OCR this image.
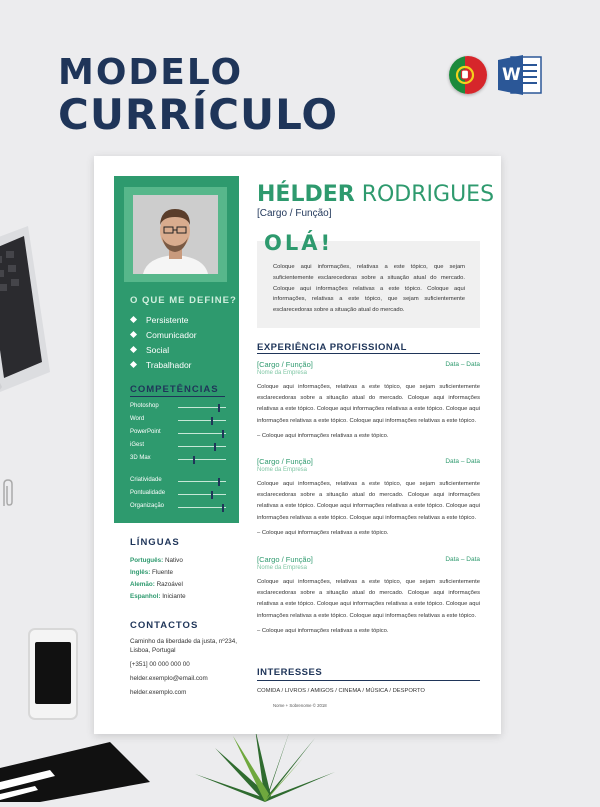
MODELO
CURRÍCULO
W
O QUE ME DEFINE?
Persistente
Comunicador
Social
Trabalhador
COMPETÊNCIAS
Photoshop
Word
PowerPoint
iGest
3D Max
Criatividade
Pontualidade
Organização
LÍNGUAS
Português: Nativo
Inglês: Fluente
Alemão: Razoável
Espanhol: Iniciante
CONTACTOS
Caminho da liberdade da justa, nº234, Lisboa, Portugal
[+351] 00 000 000 00
helder.exemplo@email.com
helder.exemplo.com
HÉLDER RODRIGUES
[Cargo / Função]
OLÁ!
Coloque aqui informações, relativas a este tópico, que sejam suficientemente esclarecedoras sobre a situação atual do mercado. Coloque aqui informações relativas a este tópico. Coloque aqui informações, relativas a este tópico, que sejam suficientemente esclarecedoras sobre a situação atual do mercado.
EXPERIÊNCIA PROFISSIONAL
[Cargo / Função]	Data – Data
Nome da Empresa
Coloque aqui informações, relativas a este tópico, que sejam suficientemente esclarecedoras sobre a situação atual do mercado. Coloque aqui informações relativas a este tópico. Coloque aqui informações relativas a este tópico. Coloque aqui informações relativas a este tópico. Coloque aqui informações relativas a este tópico.
– Coloque aqui informações relativas a este tópico.
[Cargo / Função]	Data – Data
Nome da Empresa
Coloque aqui informações, relativas a este tópico, que sejam suficientemente esclarecedoras sobre a situação atual do mercado. Coloque aqui informações relativas a este tópico. Coloque aqui informações relativas a este tópico. Coloque aqui informações relativas a este tópico. Coloque aqui informações relativas a este tópico.
– Coloque aqui informações relativas a este tópico.
[Cargo / Função]	Data – Data
Nome da Empresa
Coloque aqui informações, relativas a este tópico, que sejam suficientemente esclarecedoras sobre a situação atual do mercado. Coloque aqui informações relativas a este tópico. Coloque aqui informações relativas a este tópico. Coloque aqui informações relativas a este tópico. Coloque aqui informações relativas a este tópico.
– Coloque aqui informações relativas a este tópico.
INTERESSES
COMIDA / LIVROS / AMIGOS / CINEMA / MÚSICA / DESPORTO
Nome + Sobrenome © 2018
